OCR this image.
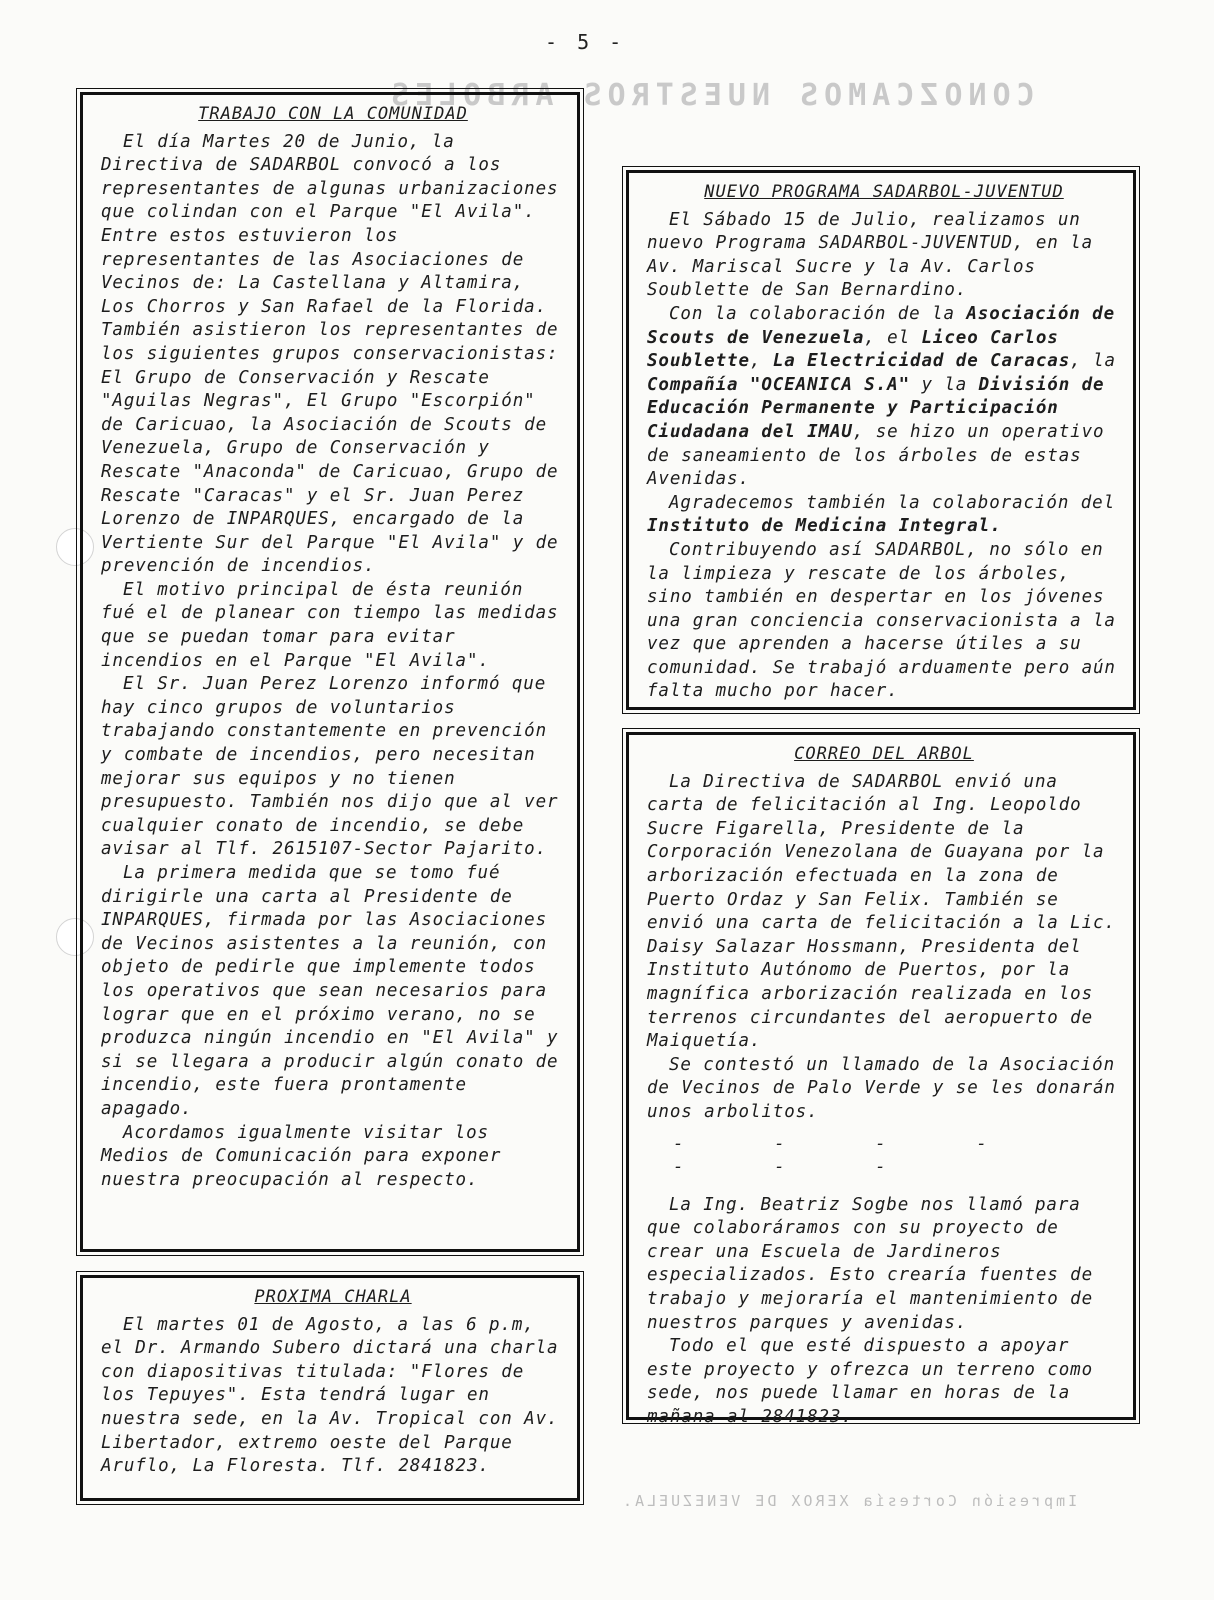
- 5 -
CONOZCAMOS NUESTROS ARBOLES
Impresión Cortesía XEROX DE VENEZUELA.
TRABAJO CON LA COMUNIDAD

El día Martes 20 de Junio, la Directiva de SADARBOL convocó a los representantes de algunas urbanizaciones que colindan con el Parque "El Avila". Entre estos estuvieron los representantes de las Asociaciones de Vecinos de: La Castellana y Altamira, Los Chorros y San Rafael de la Florida. También asistieron los representantes de los siguientes grupos conservacionistas: El Grupo de Conservación y Rescate "Aguilas Negras", El Grupo "Escorpión" de Caricuao, la Asociación de Scouts de Venezuela, Grupo de Conservación y Rescate "Anaconda" de Caricuao, Grupo de Rescate "Caracas" y el Sr. Juan Perez Lorenzo de INPARQUES, encargado de la Vertiente Sur del Parque "El Avila" y de prevención de incendios.

El motivo principal de ésta reunión fué el de planear con tiempo las medidas que se puedan tomar para evitar incendios en el Parque "El Avila".

El Sr. Juan Perez Lorenzo informó que hay cinco grupos de voluntarios trabajando constantemente en prevención y combate de incendios, pero necesitan mejorar sus equipos y no tienen presupuesto. También nos dijo que al ver cualquier conato de incendio, se debe avisar al Tlf. 2615107-Sector Pajarito.

La primera medida que se tomo fué dirigirle una carta al Presidente de INPARQUES, firmada por las Asociaciones de Vecinos asistentes a la reunión, con objeto de pedirle que implemente todos los operativos que sean necesarios para lograr que en el próximo verano, no se produzca ningún incendio en "El Avila" y si se llegara a producir algún conato de incendio, este fuera prontamente apagado.

Acordamos igualmente visitar los Medios de Comunicación para exponer nuestra preocupación al respecto.

PROXIMA CHARLA

El martes 01 de Agosto, a las 6 p.m, el Dr. Armando Subero dictará una charla con diapositivas titulada: "Flores de los Tepuyes". Esta tendrá lugar en nuestra sede, en la Av. Tropical con Av. Libertador, extremo oeste del Parque Aruflo, La Floresta. Tlf. 2841823.

NUEVO PROGRAMA SADARBOL-JUVENTUD

El Sábado 15 de Julio, realizamos un nuevo Programa SADARBOL-JUVENTUD, en la Av. Mariscal Sucre y la Av. Carlos Soublette de San Bernardino.

Con la colaboración de la Asociación de Scouts de Venezuela, el Liceo Carlos Soublette, La Electricidad de Caracas, la Compañía "OCEANICA S.A" y la División de Educación Permanente y Participación Ciudadana del IMAU, se hizo un operativo de saneamiento de los árboles de estas Avenidas.

Agradecemos también la colaboración del Instituto de Medicina Integral.

Contribuyendo así SADARBOL, no sólo en la limpieza y rescate de los árboles, sino también en despertar en los jóvenes una gran conciencia conservacionista a la vez que aprenden a hacerse útiles a su comunidad. Se trabajó arduamente pero aún falta mucho por hacer.

CORREO DEL ARBOL

La Directiva de SADARBOL envió una carta de felicitación al Ing. Leopoldo Sucre Figarella, Presidente de la Corporación Venezolana de Guayana por la arborización efectuada en la zona de Puerto Ordaz y San Felix. También se envió una carta de felicitación a la Lic. Daisy Salazar Hossmann, Presidenta del Instituto Autónomo de Puertos, por la magnífica arborización realizada en los terrenos circundantes del aeropuerto de Maiquetía.

Se contestó un llamado de la Asociación de Vecinos de Palo Verde y se les donarán unos arbolitos.

- - - - - - -

La Ing. Beatriz Sogbe nos llamó para que colaboráramos con su proyecto de crear una Escuela de Jardineros especializados. Esto crearía fuentes de trabajo y mejoraría el mantenimiento de nuestros parques y avenidas.

Todo el que esté dispuesto a apoyar este proyecto y ofrezca un terreno como sede, nos puede llamar en horas de la mañana al 2841823.
